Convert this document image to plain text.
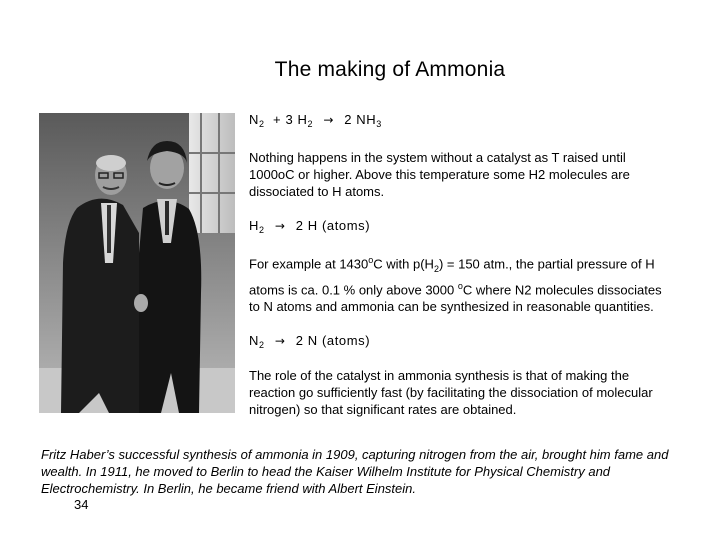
The making of Ammonia

$N_2 + 3$ $H_2 \to 2$ $NH_3$

Nothing happens in the system without a catalyst as T raised until 1000oC or higher. Above this temperature some H2 molecules are dissociated to H atoms.

$H_2 \to 2$ H (atoms)

For example at 1430$^o$C with $p(H_2) = 150$ atm., the partial pressure of H atoms is ca. 0.1 % only above 3000 $^o$C where N2 molecules dissociates to N atoms and ammonia can be synthesized in reasonable quantities.

$N_2 \to 2$ N (atoms)

The role of the catalyst in ammonia synthesis is that of making the reaction go sufficiently fast (by facilitating the dissociation of molecular nitrogen) so that significant rates are obtained.

Fritz Haber’s successful synthesis of ammonia in 1909, capturing nitrogen from the air, brought him fame and wealth. In 1911, he moved to Berlin to head the Kaiser Wilhelm Institute for Physical Chemistry and Electrochemistry. In Berlin, he became friend with Albert Einstein.
34
